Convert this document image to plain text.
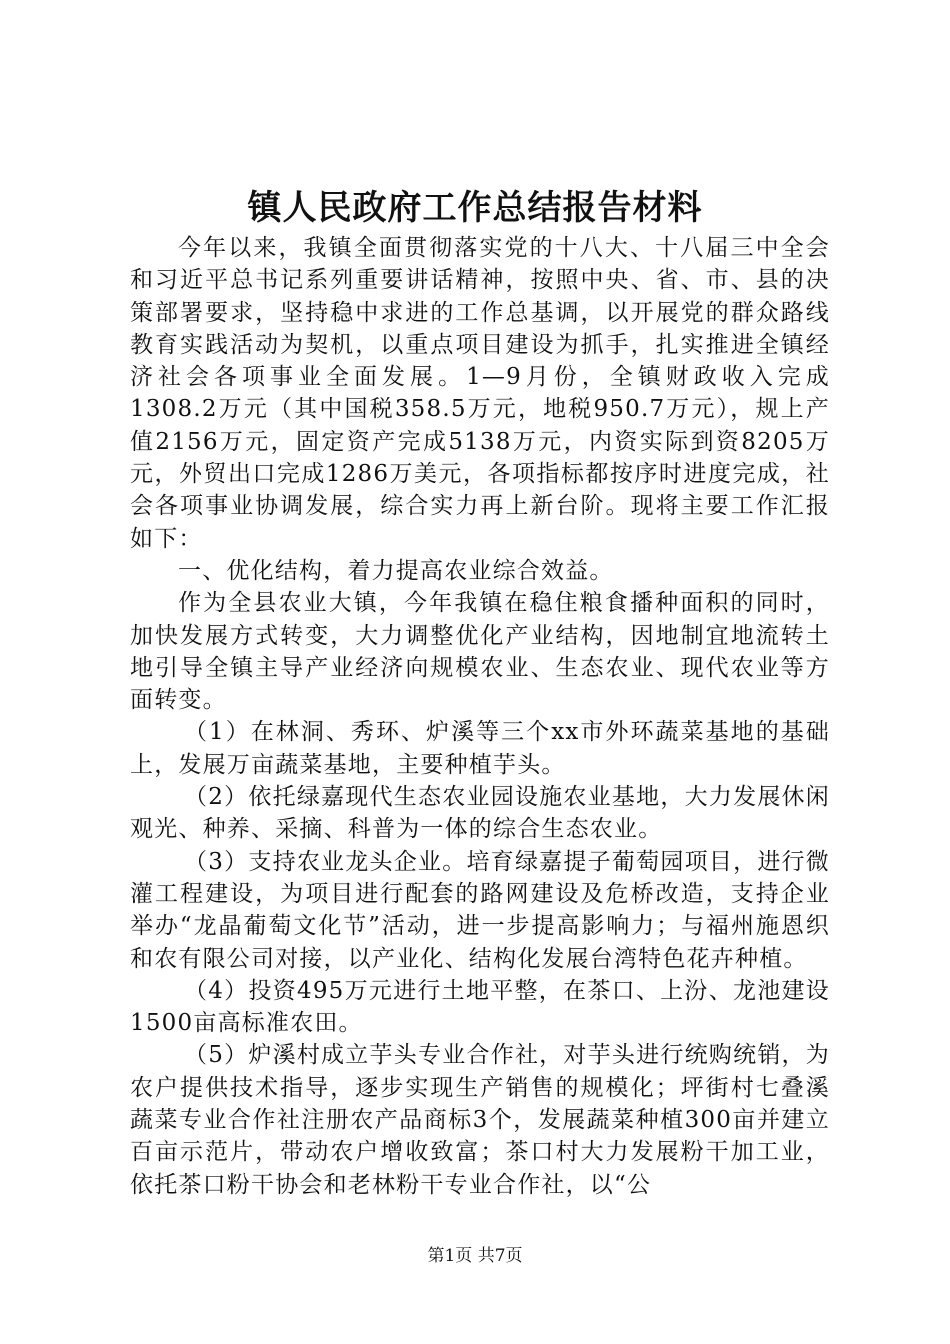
镇人民政府工作总结报告材料

今年以来，我镇全面贯彻落实党的十八大、十八届三中全会和习近平总书记系列重要讲话精神，按照中央、省、市、县的决策部署要求，坚持稳中求进的工作总基调，以开展党的群众路线教育实践活动为契机，以重点项目建设为抓手，扎实推进全镇经济社会各项事业全面发展。1—9月份，全镇财政收入完成1308.2万元（其中国税358.5万元，地税950.7万元），规上产值2156万元，固定资产完成5138万元，内资实际到资8205万元，外贸出口完成1286万美元，各项指标都按序时进度完成，社会各项事业协调发展，综合实力再上新台阶。现将主要工作汇报如下：

一、优化结构，着力提高农业综合效益。

作为全县农业大镇，今年我镇在稳住粮食播种面积的同时，加快发展方式转变，大力调整优化产业结构，因地制宜地流转土地引导全镇主导产业经济向规模农业、生态农业、现代农业等方面转变。

（1）在林洞、秀环、炉溪等三个xx市外环蔬菜基地的基础上，发展万亩蔬菜基地，主要种植芋头。

（2）依托绿嘉现代生态农业园设施农业基地，大力发展休闲观光、种养、采摘、科普为一体的综合生态农业。

（3）支持农业龙头企业。培育绿嘉提子葡萄园项目，进行微灌工程建设，为项目进行配套的路网建设及危桥改造，支持企业举办“龙晶葡萄文化节”活动，进一步提高影响力；与福州施恩织和农有限公司对接，以产业化、结构化发展台湾特色花卉种植。

（4）投资495万元进行土地平整，在茶口、上汾、龙池建设1500亩高标准农田。

（5）炉溪村成立芋头专业合作社，对芋头进行统购统销，为农户提供技术指导，逐步实现生产销售的规模化；坪街村七叠溪蔬菜专业合作社注册农产品商标3个，发展蔬菜种植300亩并建立百亩示范片，带动农户增收致富；茶口村大力发展粉干加工业，依托茶口粉干协会和老林粉干专业合作社，以“公

第1页 共7页
